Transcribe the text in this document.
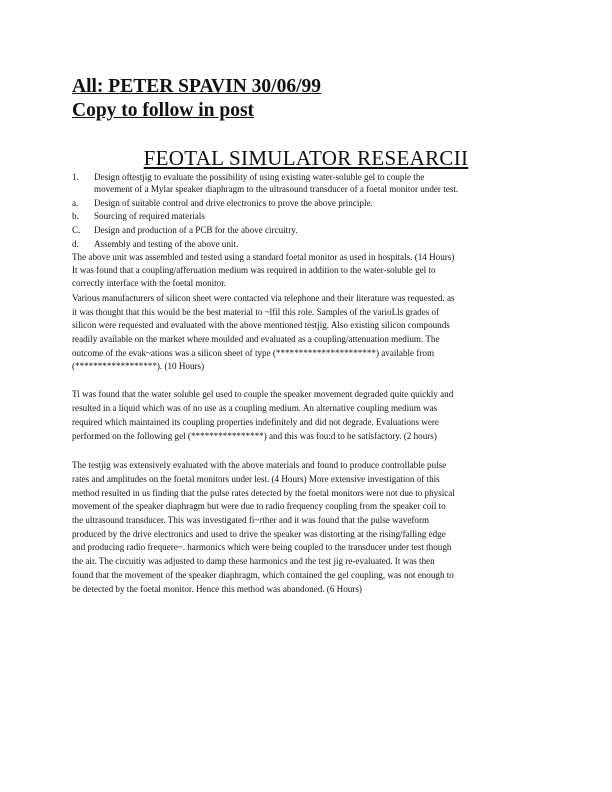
All: PETER SPAVIN 30/06/99
Copy to follow in post
FEOTAL SIMULATOR RESEARCII
1. Design oftestjig to evaluate the possibility of using existing water-soluble gel to couple the
movement of a Mylar speaker diaphragm to the ultrasound transducer of a foetal monitor under test.
a. Design of suitable control and drive electronics to prove the above principle.
b. Sourcing of required materials
C. Design and production of a PCB for the above circuitry.
d. Assembly and testing of the above unit.
The above unit was assembled and tested using a standard foetal monitor as used in hospitals. (14 Hours)
It was found that a coupling/afferuation medium was required in addition to the water-soluble gel to
correctly interface with the foetal monitor.
Various manufacturers of silicon sheet were contacted via telephone and their literature was requested. as
it was thought that this would be the best material to ~lfil this role. Samples of the varioLls grades of
silicon were requested and evaluated with the above mentioned testjig. Also existing silicon compounds
readily available on the market where moulded and evaluated as a coupling/attenuation medium. The
outcome of the evak~ations was a silicon sheet of type (**********************) available from
(******************). (10 Hours)
Ti was found that the water soluble gel used to couple the speaker movement degraded quite quickly and
resulted in a liquid which was of no use as a coupling medium. An alternative coupling medium was
required which maintained its coupling properties indefinitely and did not degrade. Evaluations were
performed on the following gel (****************) and this was fou:d to be satisfactory. (2 hours)
The testjig was extensively evaluated with the above materials and found to produce controllable pulse
rates and amplitudes on the foetal monitors under lest. (4 Hours) More extensive investigation of this
method resulted in us finding that the pulse rates detected by the foetal monitors were not due to physical
movement of the speaker diaphragm but were due to radio frequency coupling from the speaker coil to
the ultrasound transducer. This was investigated fi~rther and it was found that the pulse waveform
produced by the drive electronics and used to drive the speaker was distorting at the rising/falling edge
and producing radio frequere~. harmonics which were being coupled to the transducer under test though
the air. The circuitiy was adjusted to damp these harmonics and the test jig re-evaluated. It was then
found that the movement of the speaker diaphragm, which contained the gel coupling, was not enough to
be detected by the foetal monitor. Hence this method was abandoned. (6 Hours)
